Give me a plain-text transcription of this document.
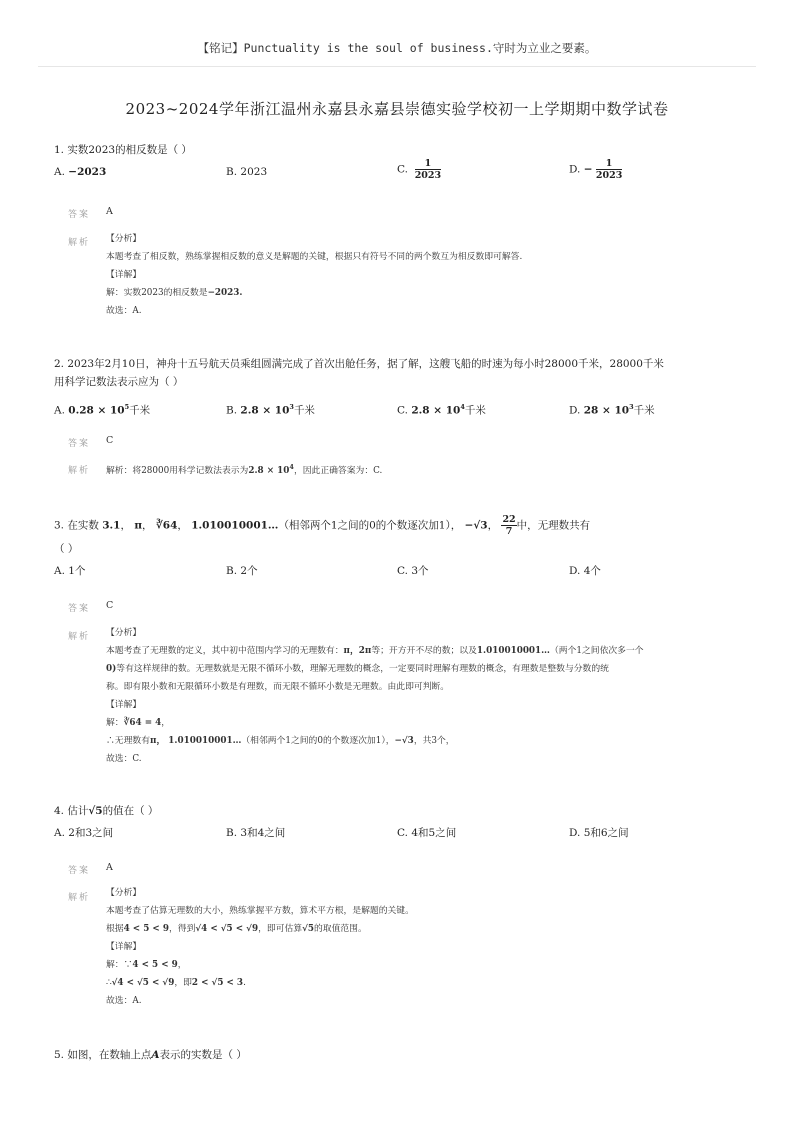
【铭记】Punctuality is the soul of business.守时为立业之要素。
2023~2024学年浙江温州永嘉县永嘉县崇德实验学校初一上学期期中数学试卷
1. 实数2023的相反数是（ ）
A. −2023	B. 2023	C. $\frac{1}{2023}$	D. − $\frac{1}{2023}$
答案 A
解析 【分析】
本题考查了相反数，熟练掌握相反数的意义是解题的关键，根据只有符号不同的两个数互为相反数即可解答.
【详解】
解：实数2023的相反数是−2023.
故选：A.
2. 2023年2月10日，神舟十五号航天员乘组圆满完成了首次出舱任务，据了解，这艘飞船的时速为每小时28000千米，28000千米
用科学记数法表示应为（ ）
A. $0.28 \times 10^5$千米	B. $2.8 \times 10^3$千米	C. $2.8 \times 10^4$千米	D. $28 \times 10^3$千米
答案 C
解析 解析：将28000用科学记数法表示为$2.8 \times 10^4$，因此正确答案为：C.
3. 在实数 3.1， π， ∛64， 1.010010001…（相邻两个1之间的0的个数逐次加1）， −√3， $\frac{22}{7}$ 中，无理数共有
（ ）
A. 1个	B. 2个	C. 3个	D. 4个
答案 C
解析 【分析】
本题考查了无理数的定义，其中初中范围内学习的无理数有：π，2π等；开方开不尽的数；以及1.010010001…（两个1之间依次多一个
0)等有这样规律的数。无理数就是无限不循环小数，理解无理数的概念，一定要同时理解有理数的概念，有理数是整数与分数的统
称。即有限小数和无限循环小数是有理数，而无限不循环小数是无理数。由此即可判断。
【详解】
解：∛64 = 4，
∴无理数有π， 1.010010001…（相邻两个1之间的0的个数逐次加1），−√3，共3个，
故选：C.
4. 估计√5的值在（ ）
A. 2和3之间	B. 3和4之间	C. 4和5之间	D. 5和6之间
答案 A
解析 【分析】
本题考查了估算无理数的大小，熟练掌握平方数，算术平方根，是解题的关键。
根据4 < 5 < 9，得到√4 < √5 < √9，即可估算√5的取值范围。
【详解】
解：∵4 < 5 < 9，
∴√4 < √5 < √9，即2 < √5 < 3.
故选：A.
5. 如图，在数轴上点A表示的实数是（ ）
